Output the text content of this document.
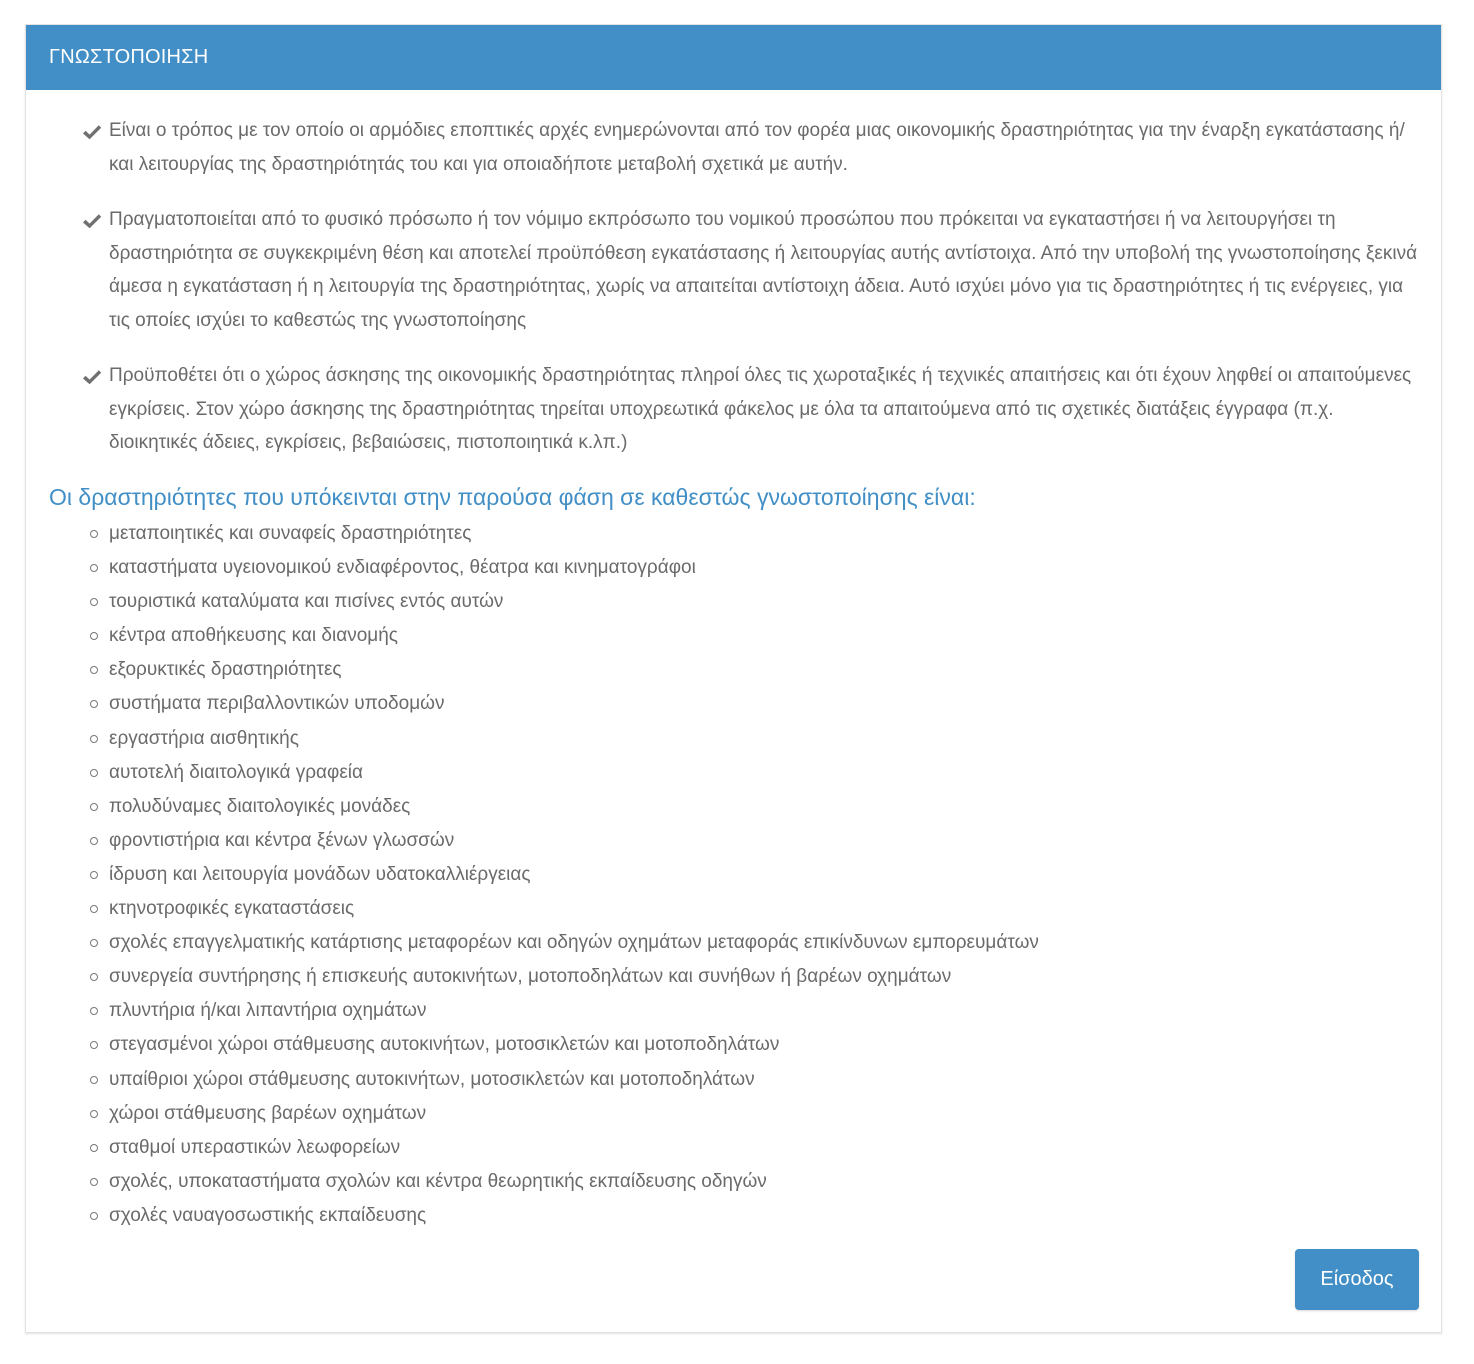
ΓΝΩΣΤΟΠΟΙΗΣΗ
Είναι ο τρόπος με τον οποίο οι αρμόδιες εποπτικές αρχές ενημερώνονται από τον φορέα μιας οικονομικής δραστηριότητας για την έναρξη εγκατάστασης ή/και λειτουργίας της δραστηριότητάς του και για οποιαδήποτε μεταβολή σχετικά με αυτήν.
Πραγματοποιείται από το φυσικό πρόσωπο ή τον νόμιμο εκπρόσωπο του νομικού προσώπου που πρόκειται να εγκαταστήσει ή να λειτουργήσει τη δραστηριότητα σε συγκεκριμένη θέση και αποτελεί προϋπόθεση εγκατάστασης ή λειτουργίας αυτής αντίστοιχα. Από την υποβολή της γνωστοποίησης ξεκινά άμεσα η εγκατάσταση ή η λειτουργία της δραστηριότητας, χωρίς να απαιτείται αντίστοιχη άδεια. Αυτό ισχύει μόνο για τις δραστηριότητες ή τις ενέργειες, για τις οποίες ισχύει το καθεστώς της γνωστοποίησης
Προϋποθέτει ότι ο χώρος άσκησης της οικονομικής δραστηριότητας πληροί όλες τις χωροταξικές ή τεχνικές απαιτήσεις και ότι έχουν ληφθεί οι απαιτούμενες εγκρίσεις. Στον χώρο άσκησης της δραστηριότητας τηρείται υποχρεωτικά φάκελος με όλα τα απαιτούμενα από τις σχετικές διατάξεις έγγραφα (π.χ. διοικητικές άδειες, εγκρίσεις, βεβαιώσεις, πιστοποιητικά κ.λπ.)
Οι δραστηριότητες που υπόκεινται στην παρούσα φάση σε καθεστώς γνωστοποίησης είναι:
μεταποιητικές και συναφείς δραστηριότητες
καταστήματα υγειονομικού ενδιαφέροντος, θέατρα και κινηματογράφοι
τουριστικά καταλύματα και πισίνες εντός αυτών
κέντρα αποθήκευσης και διανομής
εξορυκτικές δραστηριότητες
συστήματα περιβαλλοντικών υποδομών
εργαστήρια αισθητικής
αυτοτελή διαιτολογικά γραφεία
πολυδύναμες διαιτολογικές μονάδες
φροντιστήρια και κέντρα ξένων γλωσσών
ίδρυση και λειτουργία μονάδων υδατοκαλλιέργειας
κτηνοτροφικές εγκαταστάσεις
σχολές επαγγελματικής κατάρτισης μεταφορέων και οδηγών οχημάτων μεταφοράς επικίνδυνων εμπορευμάτων
συνεργεία συντήρησης ή επισκευής αυτοκινήτων, μοτοποδηλάτων και συνήθων ή βαρέων οχημάτων
πλυντήρια ή/και λιπαντήρια οχημάτων
στεγασμένοι χώροι στάθμευσης αυτοκινήτων, μοτοσικλετών και μοτοποδηλάτων
υπαίθριοι χώροι στάθμευσης αυτοκινήτων, μοτοσικλετών και μοτοποδηλάτων
χώροι στάθμευσης βαρέων οχημάτων
σταθμοί υπεραστικών λεωφορείων
σχολές, υποκαταστήματα σχολών και κέντρα θεωρητικής εκπαίδευσης οδηγών
σχολές ναυαγοσωστικής εκπαίδευσης
Είσοδος
